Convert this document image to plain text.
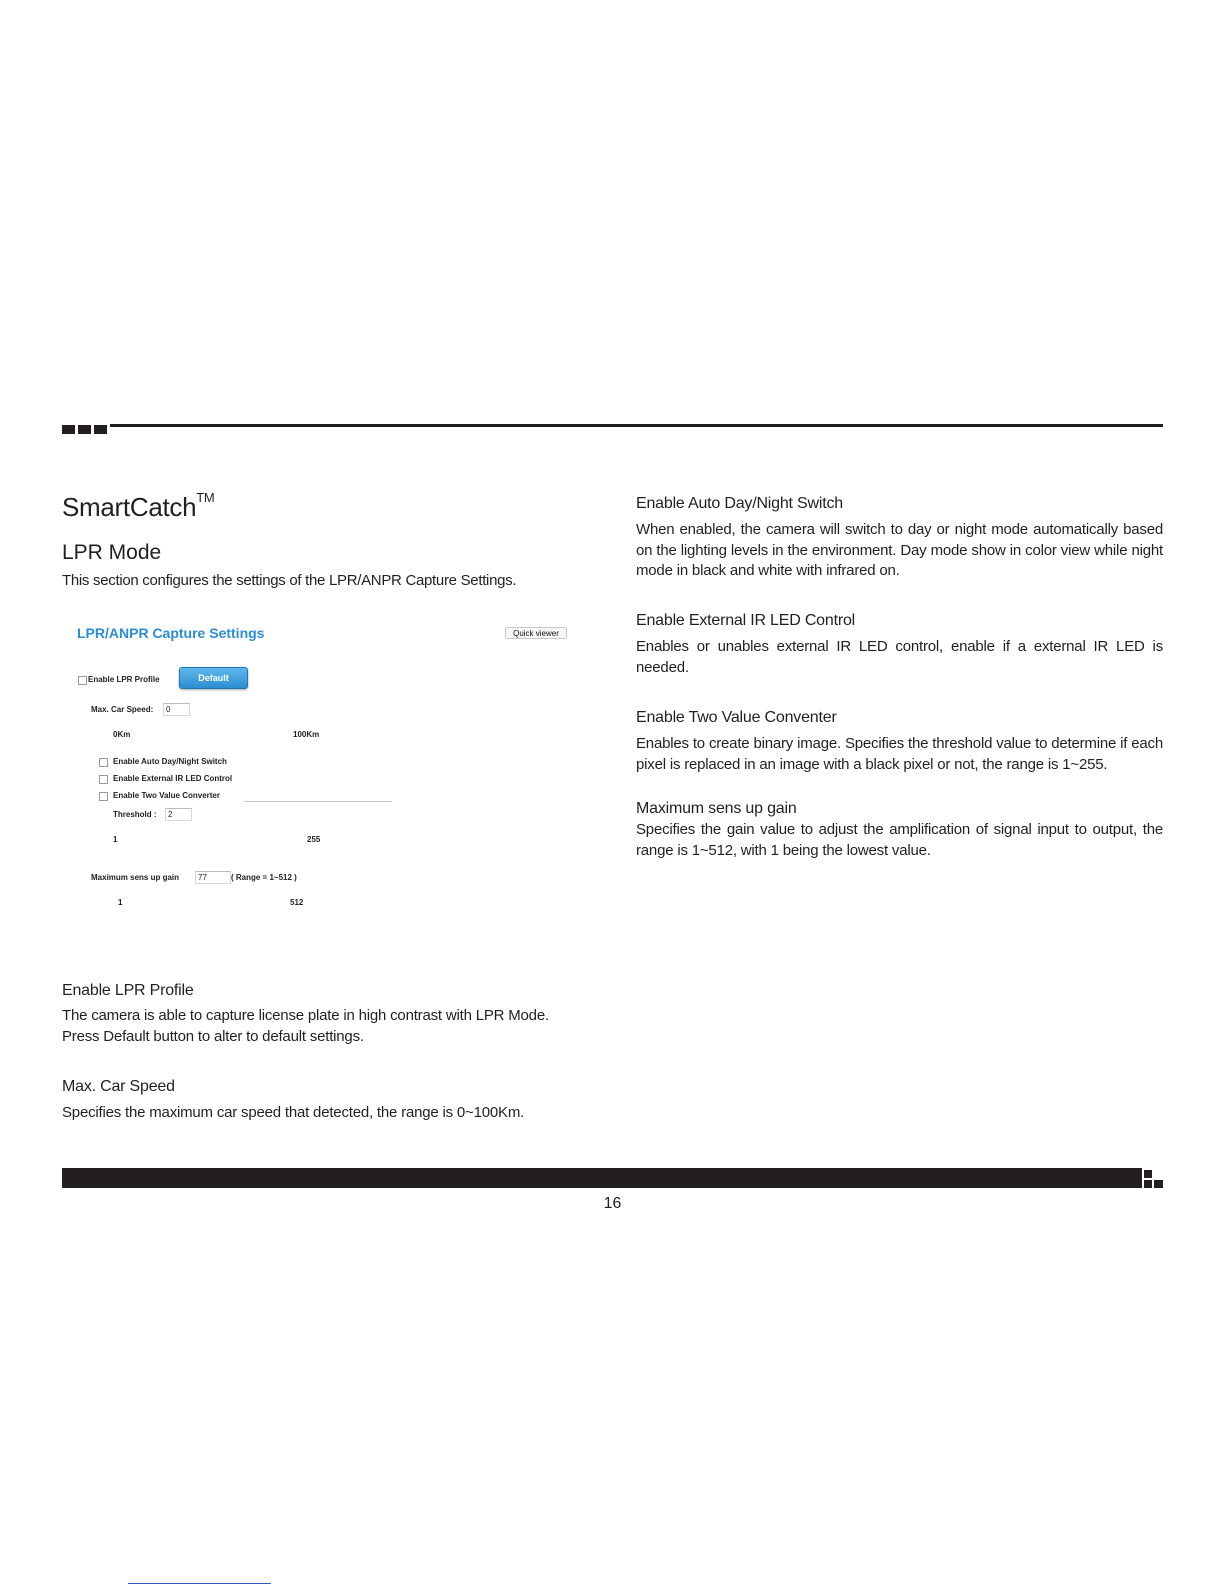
SmartCatch™
LPR Mode

This section configures the settings of the LPR/ANPR Capture Settings.

LPR/ANPR Capture Settings	Quick viewer
Enable LPR Profile	Default
Max. Car Speed:	0
0Km	100Km
Enable Auto Day/Night Switch
Enable External IR LED Control
Enable Two Value Converter
Threshold :	2
1	255
Maximum sens up gain	77	( Range = 1~512 )
1	512
Enable LPR Profile

The camera is able to capture license plate in high contrast with LPR Mode. Press Default button to alter to default settings.

Max. Car Speed

Specifies the maximum car speed that detected, the range is 0~100Km.

Enable Auto Day/Night Switch

When enabled, the camera will switch to day or night mode automatically based on the lighting levels in the environment. Day mode show in color view while night mode in black and white with infrared on.

Enable External IR LED Control

Enables or unables external IR LED control, enable if a external IR LED is needed.

Enable Two Value Conventer

Enables to create binary image. Specifies the threshold value to determine if each pixel is replaced in an image with a black pixel or not, the range is 1~255.

Maximum sens up gain

Specifies the gain value to adjust the amplification of signal input to output, the range is 1~512, with 1 being the lowest value.

16
